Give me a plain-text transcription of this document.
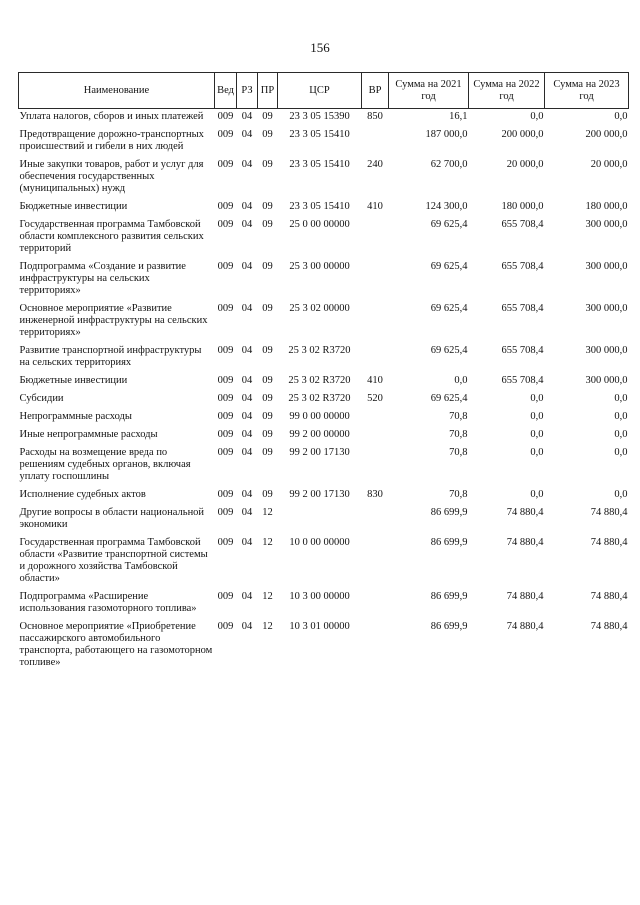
156
Наименование	Вед	РЗ	ПР	ЦСР	ВР	Сумма на 2021 год	Сумма на 2022 год	Сумма на 2023 год
Уплата налогов, сборов и иных платежей	009	04	09	23 3 05 15390	850	16,1	0,0	0,0
Предотвращение дорожно-транспортных происшествий и гибели в них людей	009	04	09	23 3 05 15410		187 000,0	200 000,0	200 000,0
Иные закупки товаров, работ и услуг для обеспечения государственных (муниципальных) нужд	009	04	09	23 3 05 15410	240	62 700,0	20 000,0	20 000,0
Бюджетные инвестиции	009	04	09	23 3 05 15410	410	124 300,0	180 000,0	180 000,0
Государственная программа Тамбовской области комплексного развития сельских территорий	009	04	09	25 0 00 00000		69 625,4	655 708,4	300 000,0
Подпрограмма «Создание и развитие инфраструктуры на сельских территориях»	009	04	09	25 3 00 00000		69 625,4	655 708,4	300 000,0
Основное мероприятие «Развитие инженерной инфраструктуры на сельских территориях»	009	04	09	25 3 02 00000		69 625,4	655 708,4	300 000,0
Развитие транспортной инфраструктуры на сельских территориях	009	04	09	25 3 02 R3720		69 625,4	655 708,4	300 000,0
Бюджетные инвестиции	009	04	09	25 3 02 R3720	410	0,0	655 708,4	300 000,0
Субсидии	009	04	09	25 3 02 R3720	520	69 625,4	0,0	0,0
Непрограммные расходы	009	04	09	99 0 00 00000		70,8	0,0	0,0
Иные непрограммные расходы	009	04	09	99 2 00 00000		70,8	0,0	0,0
Расходы на возмещение вреда по решениям судебных органов, включая уплату госпошлины	009	04	09	99 2 00 17130		70,8	0,0	0,0
Исполнение судебных актов	009	04	09	99 2 00 17130	830	70,8	0,0	0,0
Другие вопросы в области национальной экономики	009	04	12			86 699,9	74 880,4	74 880,4
Государственная программа Тамбовской области «Развитие транспортной системы и дорожного хозяйства Тамбовской области»	009	04	12	10 0 00 00000		86 699,9	74 880,4	74 880,4
Подпрограмма «Расширение использования газомоторного топлива»	009	04	12	10 3 00 00000		86 699,9	74 880,4	74 880,4
Основное мероприятие «Приобретение пассажирского автомобильного транспорта, работающего на газомоторном топливе»	009	04	12	10 3 01 00000		86 699,9	74 880,4	74 880,4
